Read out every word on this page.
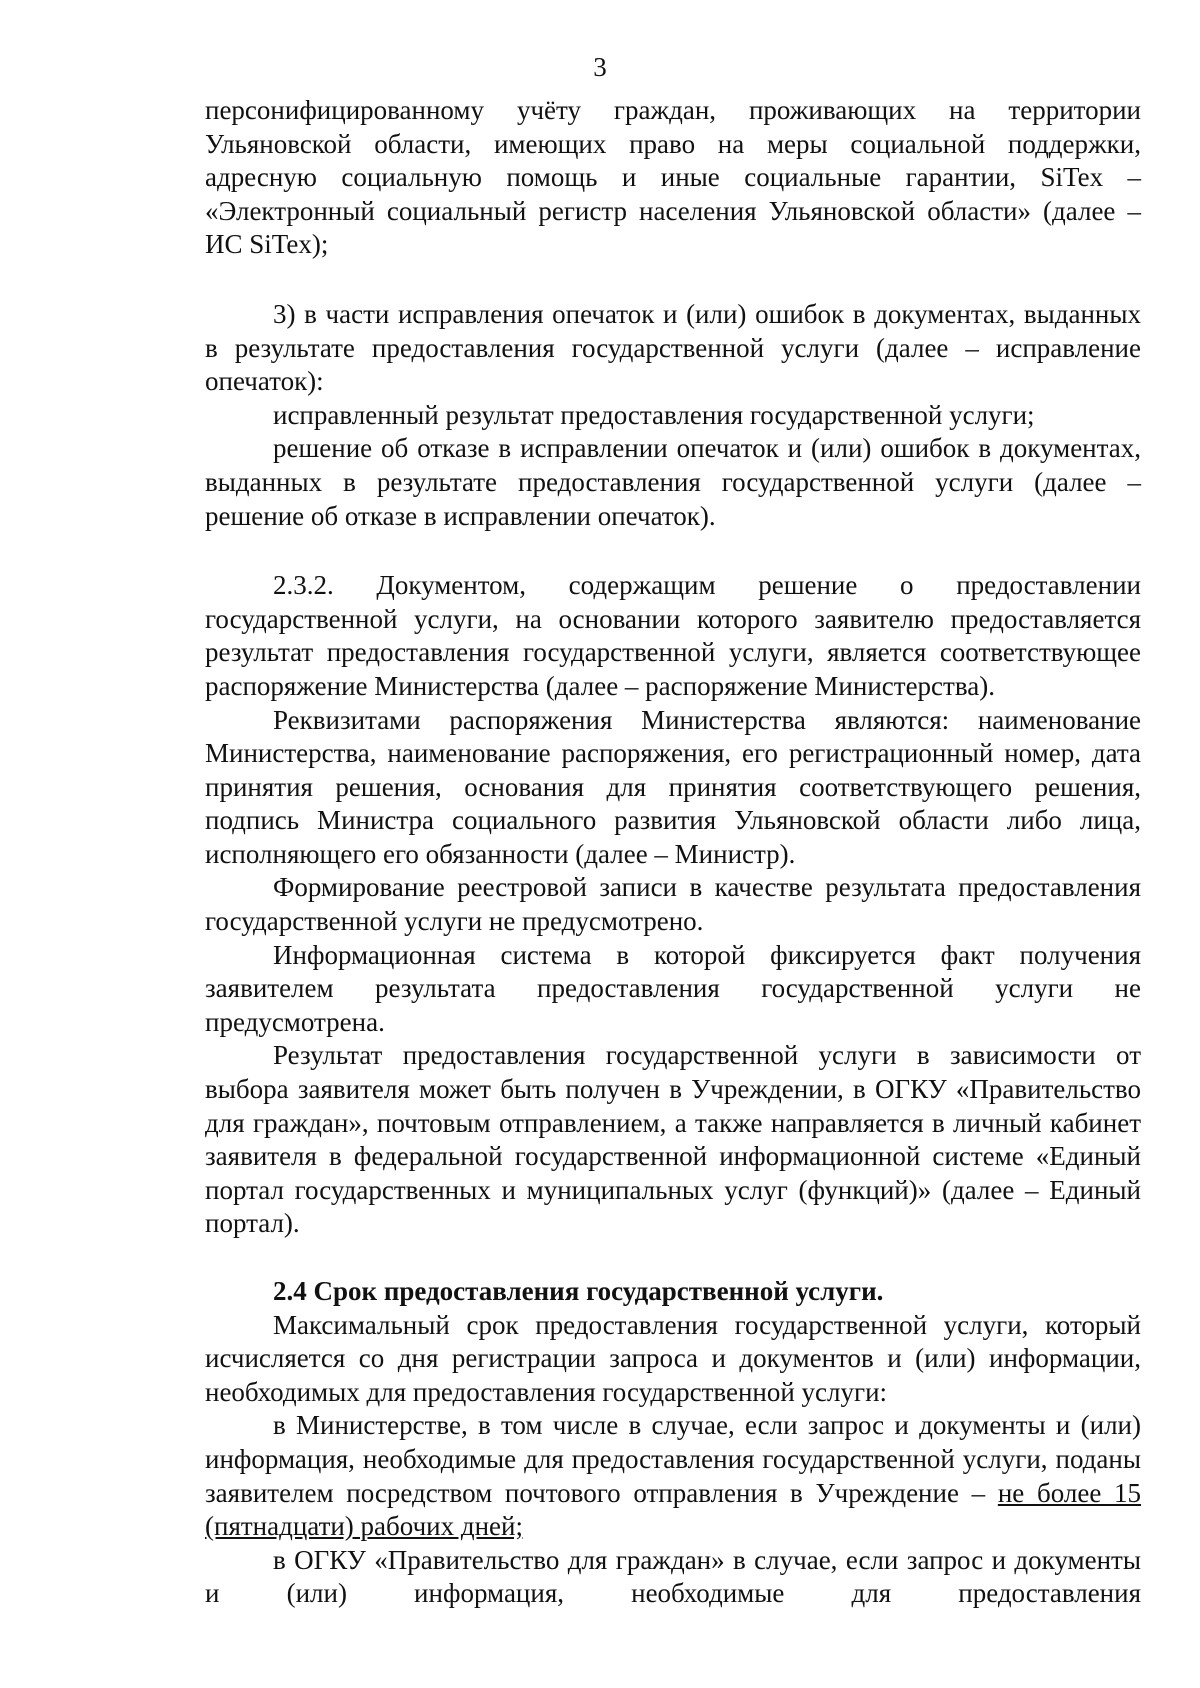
3

персонифицированному учёту граждан, проживающих на территории Ульяновской области, имеющих право на меры социальной поддержки, адресную социальную помощь и иные социальные гарантии, SiTex – «Электронный социальный регистр населения Ульяновской области» (далее – ИС SiTex);

3) в части исправления опечаток и (или) ошибок в документах, выданных в результате предоставления государственной услуги (далее – исправление опечаток):

исправленный результат предоставления государственной услуги;

решение об отказе в исправлении опечаток и (или) ошибок в документах, выданных в результате предоставления государственной услуги (далее – решение об отказе в исправлении опечаток).

2.3.2. Документом, содержащим решение о предоставлении государственной услуги, на основании которого заявителю предоставляется результат предоставления государственной услуги, является соответствующее распоряжение Министерства (далее – распоряжение Министерства).

Реквизитами распоряжения Министерства являются: наименование Министерства, наименование распоряжения, его регистрационный номер, дата принятия решения, основания для принятия соответствующего решения, подпись Министра социального развития Ульяновской области либо лица, исполняющего его обязанности (далее – Министр).

Формирование реестровой записи в качестве результата предоставления государственной услуги не предусмотрено.

Информационная система в которой фиксируется факт получения заявителем результата предоставления государственной услуги не предусмотрена.

Результат предоставления государственной услуги в зависимости от выбора заявителя может быть получен в Учреждении, в ОГКУ «Правительство для граждан», почтовым отправлением, а также направляется в личный кабинет заявителя в федеральной государственной информационной системе «Единый портал государственных и муниципальных услуг (функций)» (далее – Единый портал).

2.4 Срок предоставления государственной услуги.

Максимальный срок предоставления государственной услуги, который исчисляется со дня регистрации запроса и документов и (или) информации, необходимых для предоставления государственной услуги:

в Министерстве, в том числе в случае, если запрос и документы и (или) информация, необходимые для предоставления государственной услуги, поданы заявителем посредством почтового отправления в Учреждение – не более 15 (пятнадцати) рабочих дней;

в ОГКУ «Правительство для граждан» в случае, если запрос и документы и (или) информация, необходимые для предоставления
